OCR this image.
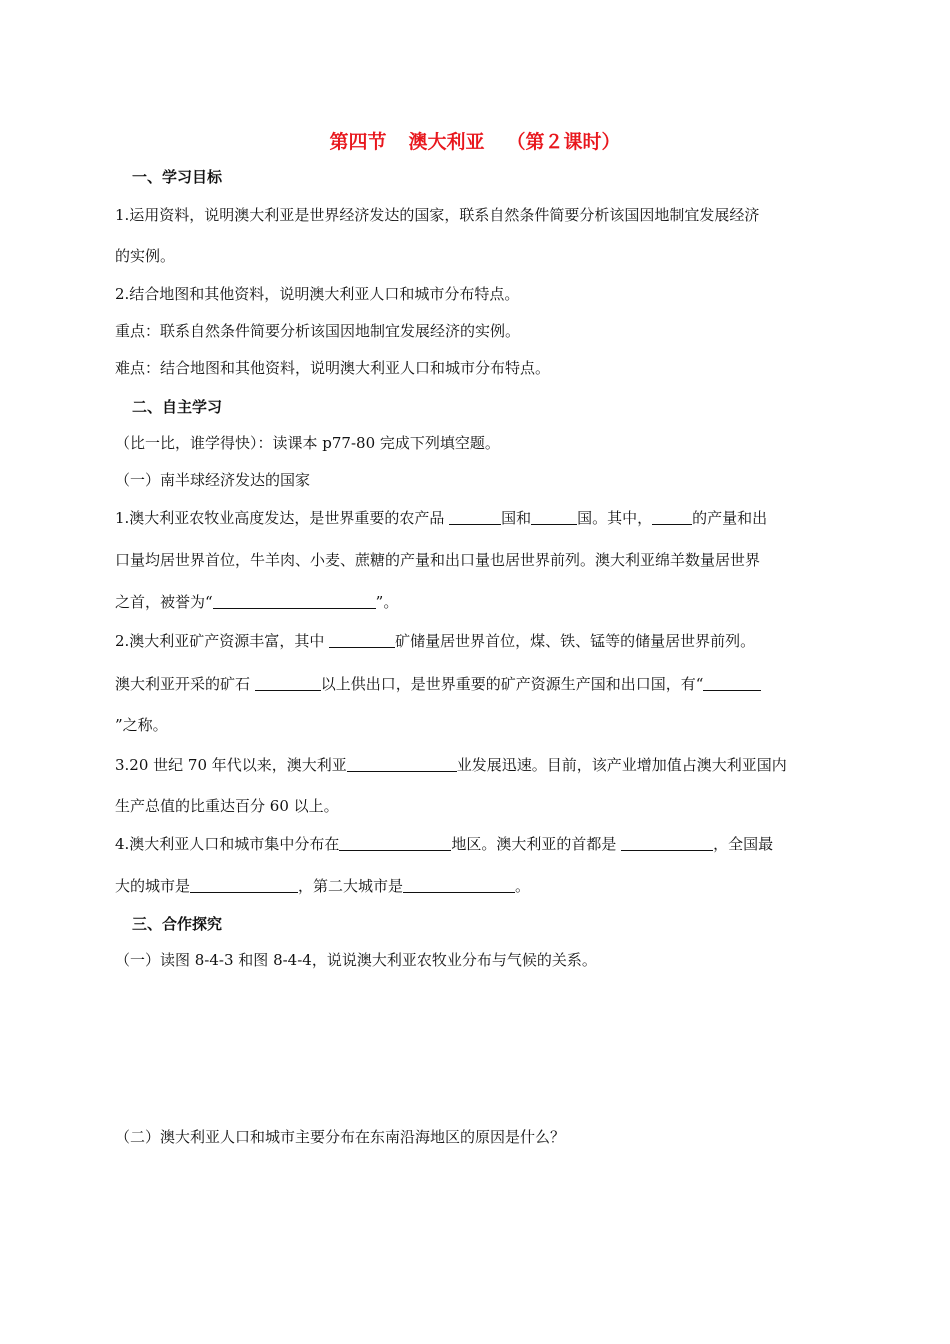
第四节 澳大利亚 （第２课时）
一、学习目标
1.运用资料，说明澳大利亚是世界经济发达的国家，联系自然条件简要分析该国因地制宜发展经济
的实例。
2.结合地图和其他资料，说明澳大利亚人口和城市分布特点。
重点：联系自然条件简要分析该国因地制宜发展经济的实例。
难点：结合地图和其他资料，说明澳大利亚人口和城市分布特点。
二、自主学习
（比一比，谁学得快）：读课本 p77-80 完成下列填空题。
（一）南半球经济发达的国家
1.澳大利亚农牧业高度发达，是世界重要的农产品	国和	国。其中，	的产量和出
口量均居世界首位，牛羊肉、小麦、蔗糖的产量和出口量也居世界前列。澳大利亚绵羊数量居世界
之首，被誉为“	”。
2.澳大利亚矿产资源丰富，其中	矿储量居世界首位，煤、铁、锰等的储量居世界前列。
澳大利亚开采的矿石	以上供出口，是世界重要的矿产资源生产国和出口国，有“
”之称。
3.20 世纪 70 年代以来，澳大利亚	业发展迅速。目前，该产业增加值占澳大利亚国内
生产总值的比重达百分 60 以上。
4.澳大利亚人口和城市集中分布在	地区。澳大利亚的首都是	，全国最
大的城市是	，第二大城市是	。
三、合作探究
（一）读图 8-4-3 和图 8-4-4，说说澳大利亚农牧业分布与气候的关系。
（二）澳大利亚人口和城市主要分布在东南沿海地区的原因是什么？
